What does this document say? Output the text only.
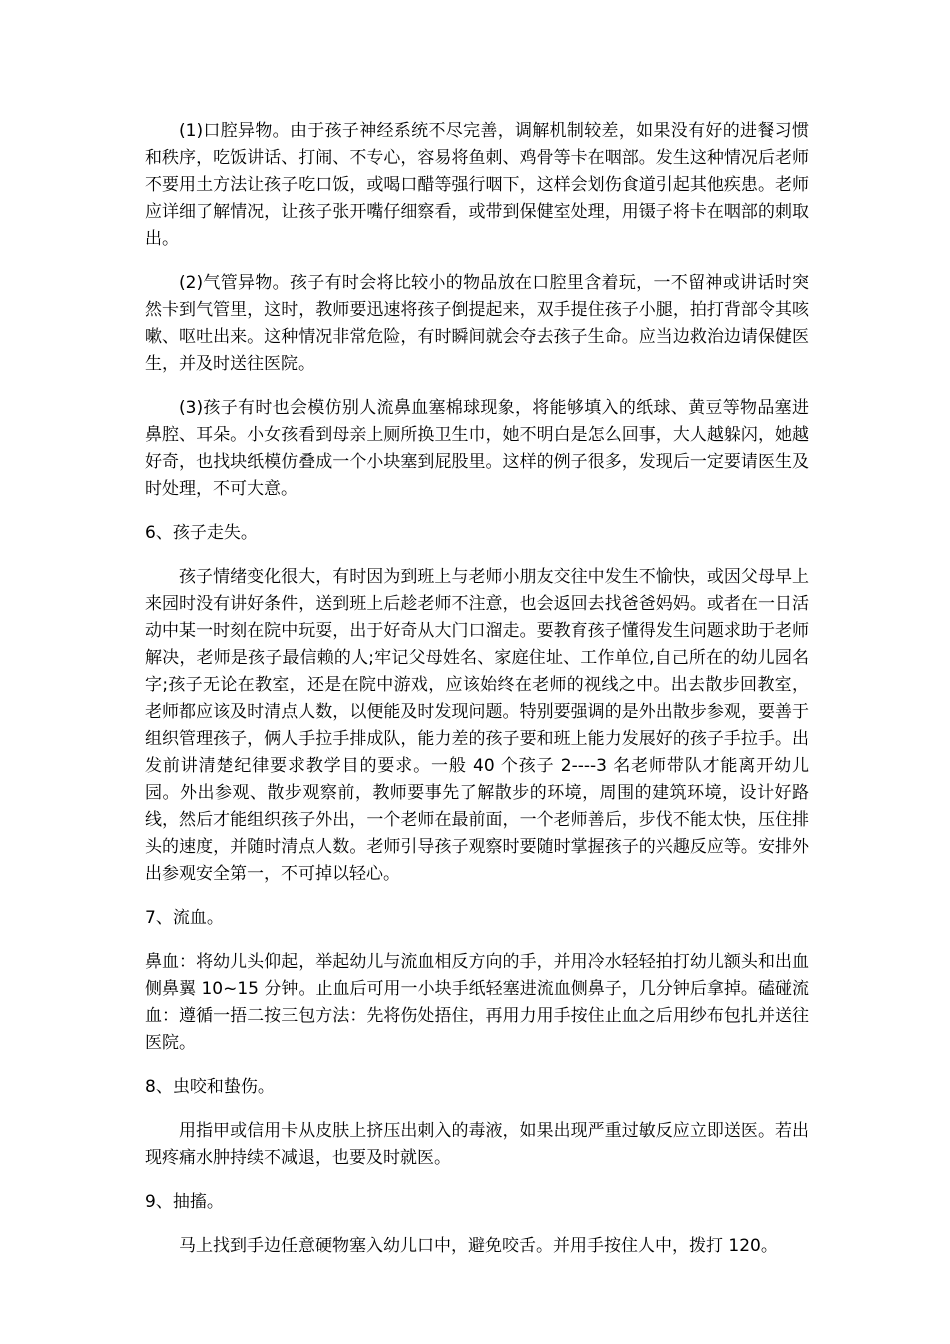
(1)口腔异物。由于孩子神经系统不尽完善，调解机制较差，如果没有好的进餐习惯和秩序，吃饭讲话、打闹、不专心，容易将鱼刺、鸡骨等卡在咽部。发生这种情况后老师不要用土方法让孩子吃口饭，或喝口醋等强行咽下，这样会划伤食道引起其他疾患。老师应详细了解情况，让孩子张开嘴仔细察看，或带到保健室处理，用镊子将卡在咽部的刺取出。

(2)气管异物。孩子有时会将比较小的物品放在口腔里含着玩，一不留神或讲话时突然卡到气管里，这时，教师要迅速将孩子倒提起来，双手提住孩子小腿，拍打背部令其咳嗽、呕吐出来。这种情况非常危险，有时瞬间就会夺去孩子生命。应当边救治边请保健医生，并及时送往医院。

(3)孩子有时也会模仿别人流鼻血塞棉球现象，将能够填入的纸球、黄豆等物品塞进鼻腔、耳朵。小女孩看到母亲上厕所换卫生巾，她不明白是怎么回事，大人越躲闪，她越好奇，也找块纸模仿叠成一个小块塞到屁股里。这样的例子很多，发现后一定要请医生及时处理，不可大意。

6、孩子走失。

孩子情绪变化很大，有时因为到班上与老师小朋友交往中发生不愉快，或因父母早上来园时没有讲好条件，送到班上后趁老师不注意，也会返回去找爸爸妈妈。或者在一日活动中某一时刻在院中玩耍，出于好奇从大门口溜走。要教育孩子懂得发生问题求助于老师解决，老师是孩子最信赖的人;牢记父母姓名、家庭住址、工作单位,自己所在的幼儿园名字;孩子无论在教室，还是在院中游戏，应该始终在老师的视线之中。出去散步回教室，老师都应该及时清点人数，以便能及时发现问题。特别要强调的是外出散步参观，要善于组织管理孩子，俩人手拉手排成队，能力差的孩子要和班上能力发展好的孩子手拉手。出发前讲清楚纪律要求教学目的要求。一般 40 个孩子 2----3 名老师带队才能离开幼儿园。外出参观、散步观察前，教师要事先了解散步的环境，周围的建筑环境，设计好路线，然后才能组织孩子外出，一个老师在最前面，一个老师善后，步伐不能太快，压住排头的速度，并随时清点人数。老师引导孩子观察时要随时掌握孩子的兴趣反应等。安排外出参观安全第一，不可掉以轻心。

7、流血。

鼻血：将幼儿头仰起，举起幼儿与流血相反方向的手，并用冷水轻轻拍打幼儿额头和出血侧鼻翼 10~15 分钟。止血后可用一小块手纸轻塞进流血侧鼻子，几分钟后拿掉。磕碰流血：遵循一捂二按三包方法：先将伤处捂住，再用力用手按住止血之后用纱布包扎并送往医院。

8、虫咬和蛰伤。

用指甲或信用卡从皮肤上挤压出刺入的毒液，如果出现严重过敏反应立即送医。若出现疼痛水肿持续不减退，也要及时就医。

9、抽搐。

马上找到手边任意硬物塞入幼儿口中，避免咬舌。并用手按住人中，拨打 120。
